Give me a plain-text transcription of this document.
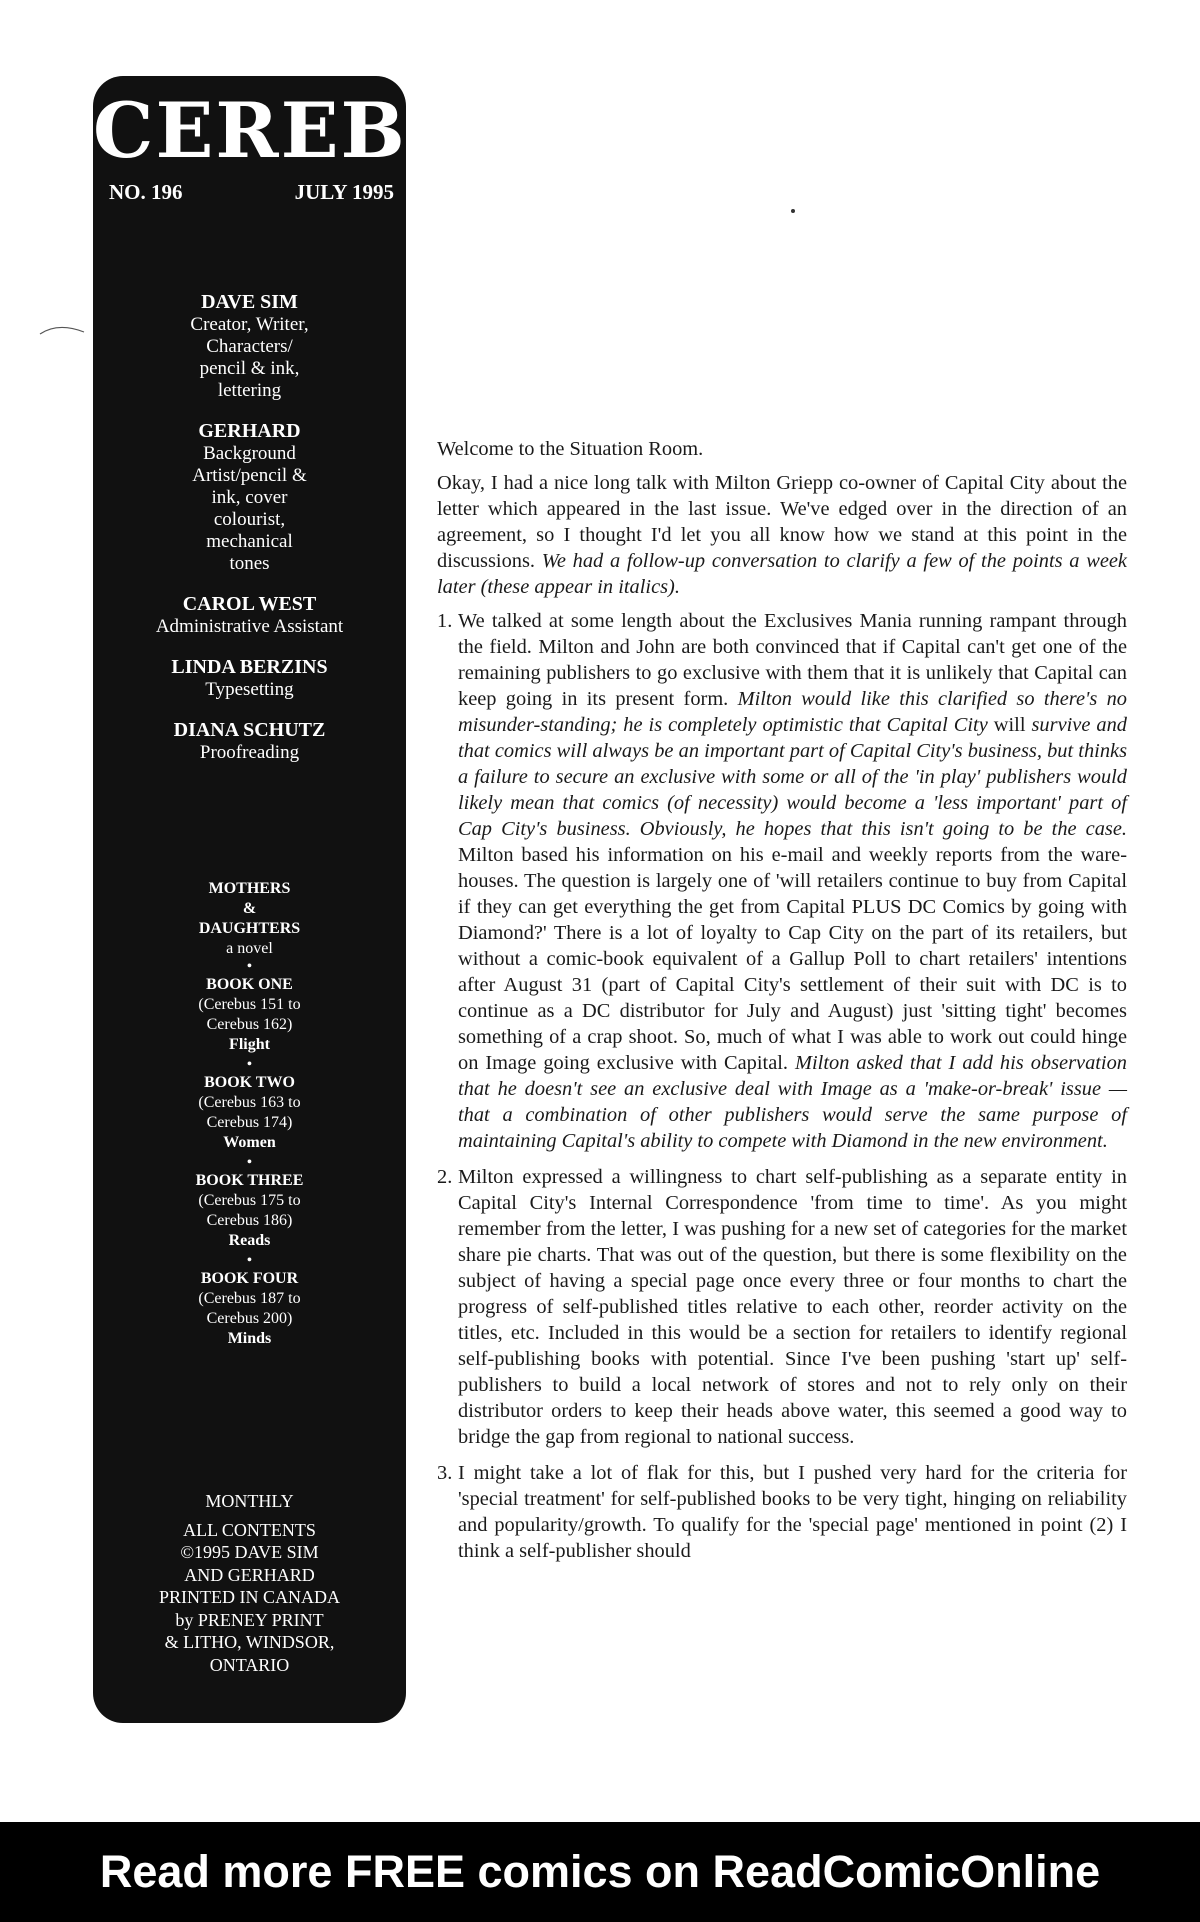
CEREBUS
NO. 196	JULY 1995
DAVE SIM
Creator, Writer,
Characters/
pencil & ink,
lettering
GERHARD
Background
Artist/pencil &
ink, cover
colourist,
mechanical
tones
CAROL WEST
Administrative Assistant
LINDA BERZINS
Typesetting
DIANA SCHUTZ
Proofreading
MOTHERS
&
DAUGHTERS
a novel
•
BOOK ONE
(Cerebus 151 to
Cerebus 162)
Flight
•
BOOK TWO
(Cerebus 163 to
Cerebus 174)
Women
•
BOOK THREE
(Cerebus 175 to
Cerebus 186)
Reads
•
BOOK FOUR
(Cerebus 187 to
Cerebus 200)
Minds
MONTHLY
ALL CONTENTS
©1995 DAVE SIM
AND GERHARD
PRINTED IN CANADA
by PRENEY PRINT
& LITHO, WINDSOR,
ONTARIO

Welcome to the Situation Room.

Okay, I had a nice long talk with Milton Griepp co-owner of Capital City about the letter which appeared in the last issue. We've edged over in the direction of an agreement, so I thought I'd let you all know how we stand at this point in the discussions. We had a follow-up conversation to clarify a few of the points a week later (these appear in italics).

1. We talked at some length about the Exclusives Mania running rampant through the field. Milton and John are both convinced that if Capital can't get one of the remaining publishers to go exclusive with them that it is unlikely that Capital can keep going in its present form. Milton would like this clarified so there's no misunder-standing; he is completely optimistic that Capital City will survive and that comics will always be an important part of Capital City's business, but thinks a failure to secure an exclusive with some or all of the 'in play' publishers would likely mean that comics (of necessity) would become a 'less important' part of Cap City's business. Obviously, he hopes that this isn't going to be the case. Milton based his information on his e-mail and weekly reports from the ware-houses. The question is largely one of 'will retailers continue to buy from Capital if they can get everything the get from Capital PLUS DC Comics by going with Diamond?' There is a lot of loyalty to Cap City on the part of its retailers, but without a comic-book equivalent of a Gallup Poll to chart retailers' intentions after August 31 (part of Capital City's settlement of their suit with DC is to continue as a DC distributor for July and August) just 'sitting tight' becomes something of a crap shoot. So, much of what I was able to work out could hinge on Image going exclusive with Capital. Milton asked that I add his observation that he doesn't see an exclusive deal with Image as a 'make-or-break' issue — that a combination of other publishers would serve the same purpose of maintaining Capital's ability to compete with Diamond in the new environment.
2. Milton expressed a willingness to chart self-publishing as a separate entity in Capital City's Internal Correspondence 'from time to time'. As you might remember from the letter, I was pushing for a new set of categories for the market share pie charts. That was out of the question, but there is some flexibility on the subject of having a special page once every three or four months to chart the progress of self-published titles relative to each other, reorder activity on the titles, etc. Included in this would be a section for retailers to identify regional self-publishing books with potential. Since I've been pushing 'start up' self-publishers to build a local network of stores and not to rely only on their distributor orders to keep their heads above water, this seemed a good way to bridge the gap from regional to national success.
3. I might take a lot of flak for this, but I pushed very hard for the criteria for 'special treatment' for self-published books to be very tight, hinging on reliability and popularity/growth. To qualify for the 'special page' mentioned in point (2) I think a self-publisher should
Read more FREE comics on ReadComicOnline
